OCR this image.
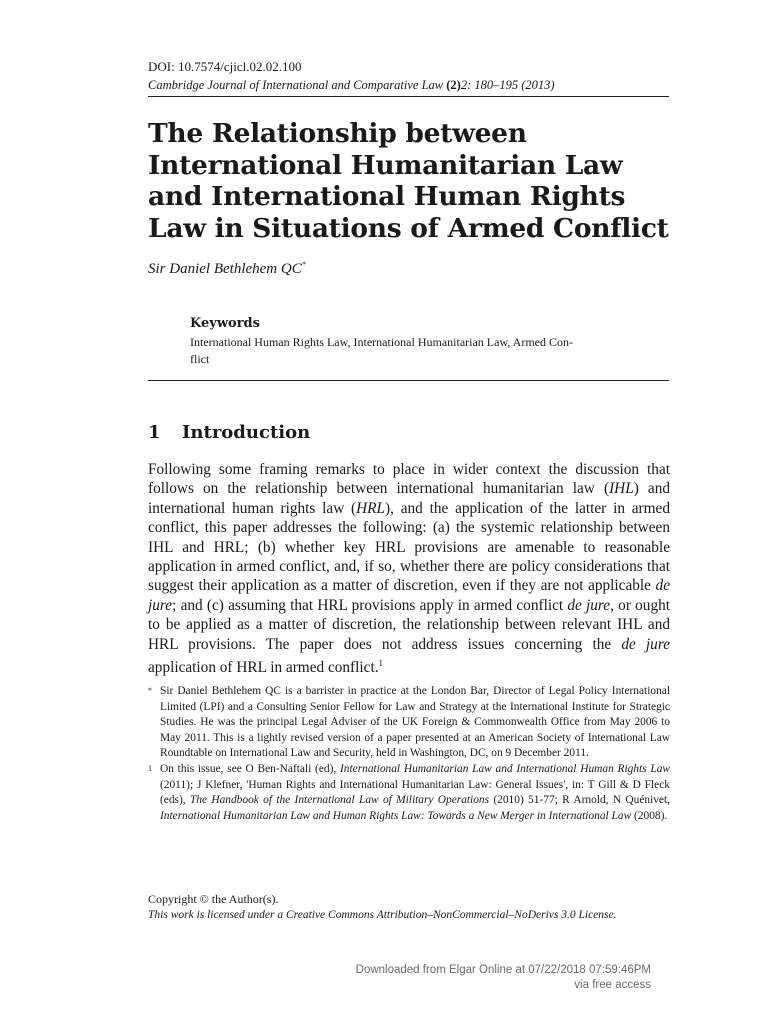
DOI: 10.7574/cjicl.02.02.100
Cambridge Journal of International and Comparative Law (2)2: 180–195 (2013)
The Relationship between
International Humanitarian Law
and International Human Rights
Law in Situations of Armed Conflict
Sir Daniel Bethlehem QC*
Keywords
International Human Rights Law, International Humanitarian Law, Armed Con-
flict
1 Introduction

Following some framing remarks to place in wider context the discussion that follows on the relationship between international humanitarian law (IHL) and international human rights law (HRL), and the application of the latter in armed conflict, this paper addresses the following: (a) the systemic relationship between IHL and HRL; (b) whether key HRL provisions are amenable to reasonable application in armed conflict, and, if so, whether there are policy considerations that suggest their application as a matter of discretion, even if they are not applicable de jure; and (c) assuming that HRL provisions apply in armed conflict de jure, or ought to be applied as a matter of discretion, the relationship between relevant IHL and HRL provisions. The paper does not address issues concerning the de jure application of HRL in armed conflict.$^1$

* Sir Daniel Bethlehem QC is a barrister in practice at the London Bar, Director of Legal Policy International Limited (LPI) and a Consulting Senior Fellow for Law and Strategy at the International Institute for Strategic Studies. He was the principal Legal Adviser of the UK Foreign & Commonwealth Office from May 2006 to May 2011. This is a lightly revised version of a paper presented at an American Society of International Law Roundtable on International Law and Security, held in Washington, DC, on 9 December 2011.

1 On this issue, see O Ben-Naftali (ed), International Humanitarian Law and International Human Rights Law (2011); J Klefner, 'Human Rights and International Humanitarian Law: General Issues', in: T Gill & D Fleck (eds), The Handbook of the International Law of Military Operations (2010) 51-77; R Arnold, N Quénivet, International Humanitarian Law and Human Rights Law: Towards a New Merger in International Law (2008).

Copyright © the Author(s).
This work is licensed under a Creative Commons Attribution–NonCommercial–NoDerivs 3.0 License.
Downloaded from Elgar Online at 07/22/2018 07:59:46PM
via free access
